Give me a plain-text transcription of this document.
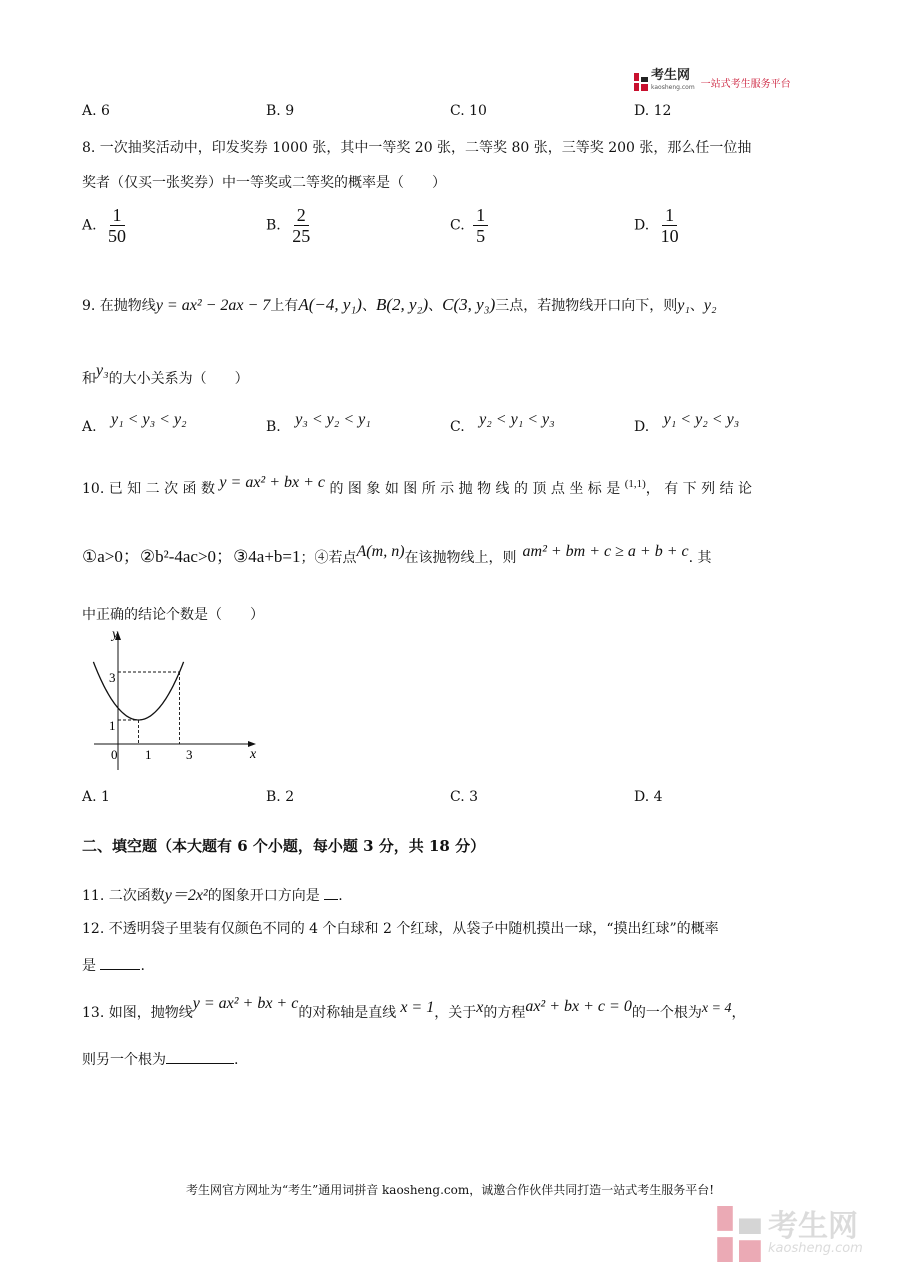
考生网
kaosheng.com 一站式考生服务平台
A. 6	B. 9	C. 10	D. 12
8. 一次抽奖活动中，印发奖券 1000 张，其中一等奖 20 张，二等奖 80 张，三等奖 200 张，那么任一位抽
奖者（仅买一张奖券）中一等奖或二等奖的概率是（　　）
A. $\frac{1}{50}$	B. $\frac{2}{25}$	C. $\frac{1}{5}$	D. $\frac{1}{10}$
9. 在抛物线y = ax² − 2ax − 7上有A(−4, y₁)、B(2, y₂)、C(3, y₃)三点，若抛物线开口向下，则y₁、y₂
和y₃的大小关系为（　　）
A. y₁ < y₃ < y₂	B. y₃ < y₂ < y₁	C. y₂ < y₁ < y₃	D. y₁ < y₂ < y₃
10. 已 知 二 次 函 数 y = ax² + bx + c 的 图 象 如 图 所 示 抛 物 线 的 顶 点 坐 标 是 $^{(1,1)}$， 有 下 列 结 论
①a>0；②b²-4ac>0；③4a+b=1；④若点A(m, n)在该抛物线上，则 am² + bm + c ≥ a + b + c. 其
中正确的结论个数是（　　）
y
x
0 1	3
1
3
A. 1	B. 2	C. 3	D. 4
二、填空题（本大题有 6 个小题，每小题 3 分，共 18 分）
11. 二次函数y＝2x²的图象开口方向是 .
12. 不透明袋子里装有仅颜色不同的 4 个白球和 2 个红球，从袋子中随机摸出一球，“摸出红球”的概率
是	.
13. 如图，抛物线y = ax² + bx + c的对称轴是直线 x = 1，关于x的方程ax² + bx + c = 0的一个根为x = 4，
则另一个根为	.
考生网官方网址为“考生”通用词拼音 kaosheng.com，诚邀合作伙伴共同打造一站式考生服务平台!
考生网
kaosheng.com
